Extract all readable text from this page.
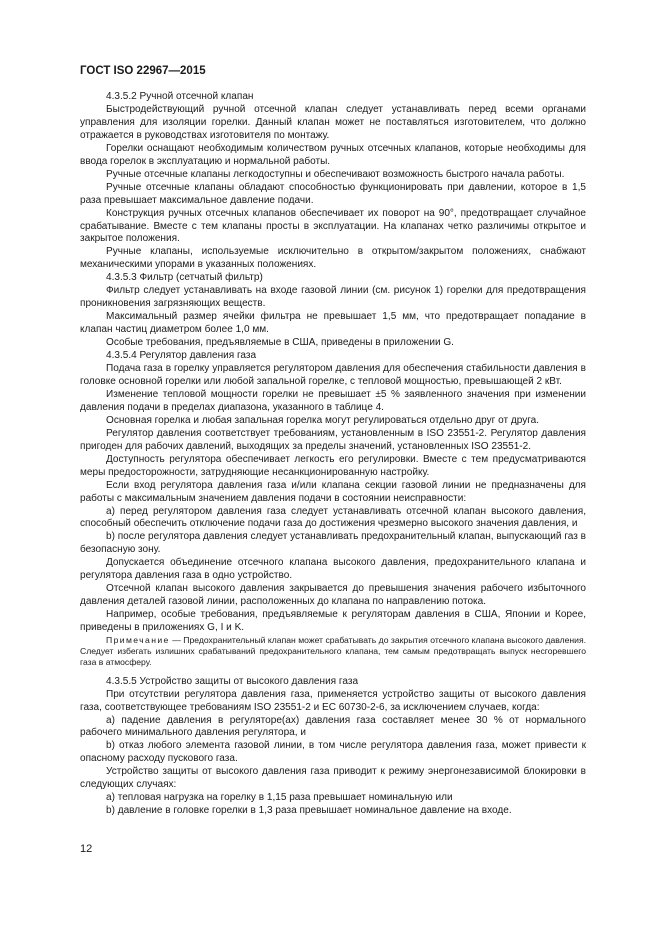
ГОСТ ISO 22967—2015

4.3.5.2 Ручной отсечной клапан

Быстродействующий ручной отсечной клапан следует устанавливать перед всеми органами управления для изоляции горелки. Данный клапан может не поставляться изготовителем, что должно отражается в руководствах изготовителя по монтажу.

Горелки оснащают необходимым количеством ручных отсечных клапанов, которые необходимы для ввода горелок в эксплуатацию и нормальной работы.

Ручные отсечные клапаны легкодоступны и обеспечивают возможность быстрого начала работы.

Ручные отсечные клапаны обладают способностью функционировать при давлении, которое в 1,5 раза превышает максимальное давление подачи.

Конструкция ручных отсечных клапанов обеспечивает их поворот на 90°, предотвращает случайное срабатывание. Вместе с тем клапаны просты в эксплуатации. На клапанах четко различимы открытое и закрытое положения.

Ручные клапаны, используемые исключительно в открытом/закрытом положениях, снабжают механическими упорами в указанных положениях.

4.3.5.3 Фильтр (сетчатый фильтр)

Фильтр следует устанавливать на входе газовой линии (см. рисунок 1) горелки для предотвращения проникновения загрязняющих веществ.

Максимальный размер ячейки фильтра не превышает 1,5 мм, что предотвращает попадание в клапан частиц диаметром более 1,0 мм.

Особые требования, предъявляемые в США, приведены в приложении G.

4.3.5.4 Регулятор давления газа

Подача газа в горелку управляется регулятором давления для обеспечения стабильности давления в головке основной горелки или любой запальной горелке, с тепловой мощностью, превышающей 2 кВт.

Изменение тепловой мощности горелки не превышает ±5 % заявленного значения при изменении давления подачи в пределах диапазона, указанного в таблице 4.

Основная горелка и любая запальная горелка могут регулироваться отдельно друг от друга.

Регулятор давления соответствует требованиям, установленным в ISO 23551-2. Регулятор давления пригоден для рабочих давлений, выходящих за пределы значений, установленных ISO 23551-2.

Доступность регулятора обеспечивает легкость его регулировки. Вместе с тем предусматриваются меры предосторожности, затрудняющие несанкционированную настройку.

Если вход регулятора давления газа и/или клапана секции газовой линии не предназначены для работы с максимальным значением давления подачи в состоянии неисправности:

a) перед регулятором давления газа следует устанавливать отсечной клапан высокого давления, способный обеспечить отключение подачи газа до достижения чрезмерно высокого значения давления, и

b) после регулятора давления следует устанавливать предохранительный клапан, выпускающий газ в безопасную зону.

Допускается объединение отсечного клапана высокого давления, предохранительного клапана и регулятора давления газа в одно устройство.

Отсечной клапан высокого давления закрывается до превышения значения рабочего избыточного давления деталей газовой линии, расположенных до клапана по направлению потока.

Например, особые требования, предъявляемые к регуляторам давления в США, Японии и Корее, приведены в приложениях G, I и K.

Примечание — Предохранительный клапан может срабатывать до закрытия отсечного клапана высокого давления. Следует избегать излишних срабатываний предохранительного клапана, тем самым предотвращать выпуск несгоревшего газа в атмосферу.

4.3.5.5 Устройство защиты от высокого давления газа

При отсутствии регулятора давления газа, применяется устройство защиты от высокого давления газа, соответствующее требованиям ISO 23551-2 и EC 60730-2-6, за исключением случаев, когда:

a) падение давления в регуляторе(ах) давления газа составляет менее 30 % от нормального рабочего минимального давления регулятора, и

b) отказ любого элемента газовой линии, в том числе регулятора давления газа, может привести к опасному расходу пускового газа.

Устройство защиты от высокого давления газа приводит к режиму энергонезависимой блокировки в следующих случаях:

a) тепловая нагрузка на горелку в 1,15 раза превышает номинальную или

b) давление в головке горелки в 1,3 раза превышает номинальное давление на входе.

12
